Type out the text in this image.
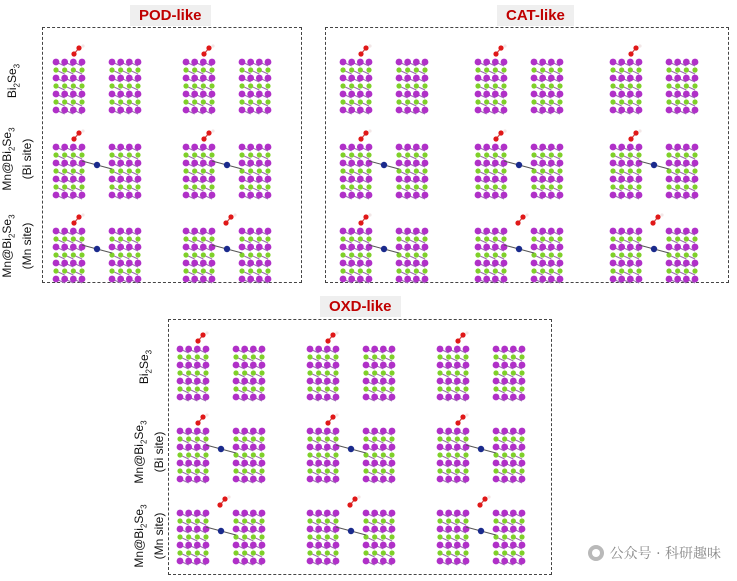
POD-like	CAT-like
OXD-like
$Bi_2Se_3$
$Mn@Bi_2Se_3$
(Bi site)
$Mn@Bi_2Se_3$
(Mn site)
$Bi_2Se_3$
$Mn@Bi_2Se_3$
(Bi site)
$Mn@Bi_2Se_3$
(Mn site)	公众号 · 科研趣味
